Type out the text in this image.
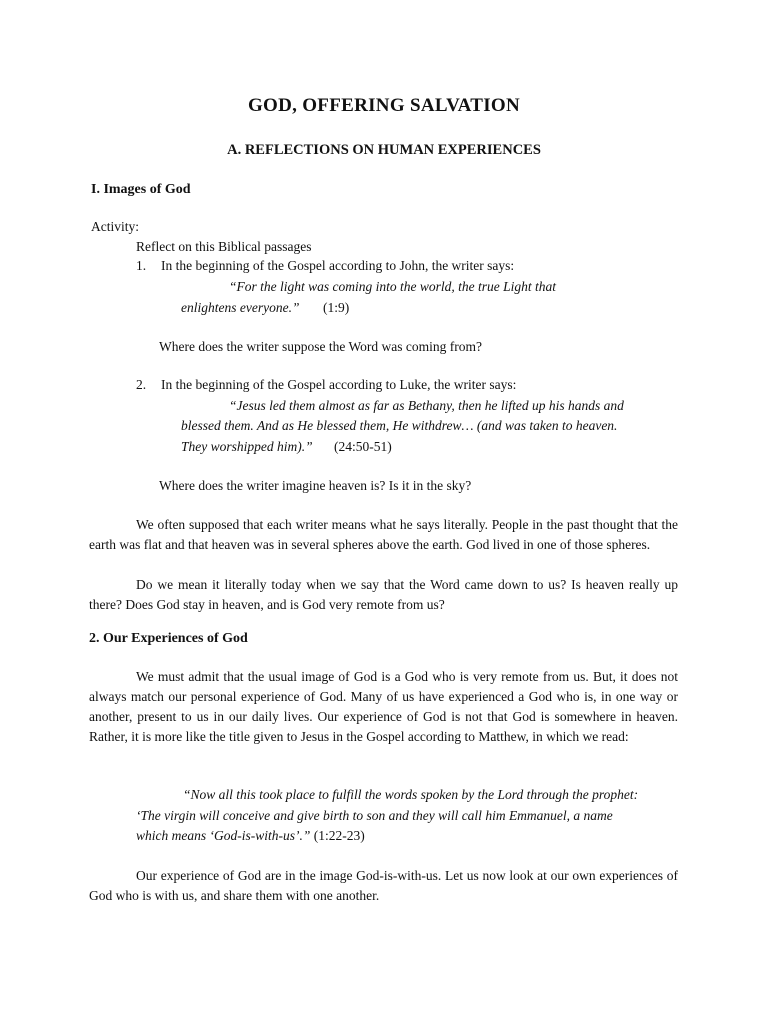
GOD, OFFERING SALVATION
A. REFLECTIONS ON HUMAN EXPERIENCES
I. Images of God

Activity:

Reflect on this Biblical passages

1. In the beginning of the Gospel according to John, the writer says:
“For the light was coming into the world, the true Light that
enlightens everyone.” (1:9)

Where does the writer suppose the Word was coming from?

2. In the beginning of the Gospel according to Luke, the writer says:
“Jesus led them almost as far as Bethany, then he lifted up his hands and
blessed them. And as He blessed them, He withdrew… (and was taken to heaven.
They worshipped him).” (24:50-51)

Where does the writer imagine heaven is? Is it in the sky?

We often supposed that each writer means what he says literally. People in the past thought that the earth was flat and that heaven was in several spheres above the earth. God lived in one of those spheres.

Do we mean it literally today when we say that the Word came down to us? Is heaven really up there? Does God stay in heaven, and is God very remote from us?

2. Our Experiences of God

We must admit that the usual image of God is a God who is very remote from us. But, it does not always match our personal experience of God. Many of us have experienced a God who is, in one way or another, present to us in our daily lives. Our experience of God is not that God is somewhere in heaven. Rather, it is more like the title given to Jesus in the Gospel according to Matthew, in which we read:

“Now all this took place to fulfill the words spoken by the Lord through the prophet: ‘The virgin will conceive and give birth to son and they will call him Emmanuel, a name which means ‘God-is-with-us’.” (1:22-23)

Our experience of God are in the image God-is-with-us. Let us now look at our own experiences of God who is with us, and share them with one another.
